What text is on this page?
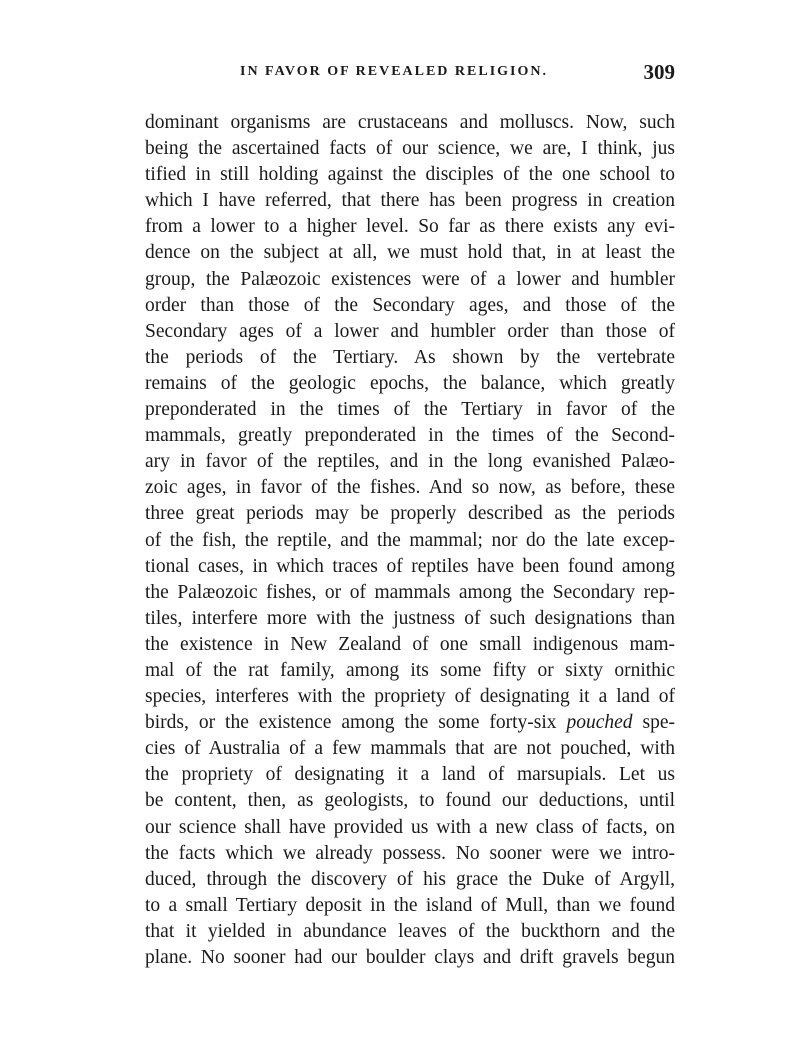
IN FAVOR OF REVEALED RELIGION.	309
dominant organisms are crustaceans and molluscs. Now, such
being the ascertained facts of our science, we are, I think, jus
tified in still holding against the disciples of the one school to
which I have referred, that there has been progress in creation
from a lower to a higher level. So far as there exists any evi-
dence on the subject at all, we must hold that, in at least the
group, the Palæozoic existences were of a lower and humbler
order than those of the Secondary ages, and those of the
Secondary ages of a lower and humbler order than those of
the periods of the Tertiary. As shown by the vertebrate
remains of the geologic epochs, the balance, which greatly
preponderated in the times of the Tertiary in favor of the
mammals, greatly preponderated in the times of the Second-
ary in favor of the reptiles, and in the long evanished Palæo-
zoic ages, in favor of the fishes. And so now, as before, these
three great periods may be properly described as the periods
of the fish, the reptile, and the mammal; nor do the late excep-
tional cases, in which traces of reptiles have been found among
the Palæozoic fishes, or of mammals among the Secondary rep-
tiles, interfere more with the justness of such designations than
the existence in New Zealand of one small indigenous mam-
mal of the rat family, among its some fifty or sixty ornithic
species, interferes with the propriety of designating it a land of
birds, or the existence among the some forty-six pouched spe-
cies of Australia of a few mammals that are not pouched, with
the propriety of designating it a land of marsupials. Let us
be content, then, as geologists, to found our deductions, until
our science shall have provided us with a new class of facts, on
the facts which we already possess. No sooner were we intro-
duced, through the discovery of his grace the Duke of Argyll,
to a small Tertiary deposit in the island of Mull, than we found
that it yielded in abundance leaves of the buckthorn and the
plane. No sooner had our boulder clays and drift gravels begun
